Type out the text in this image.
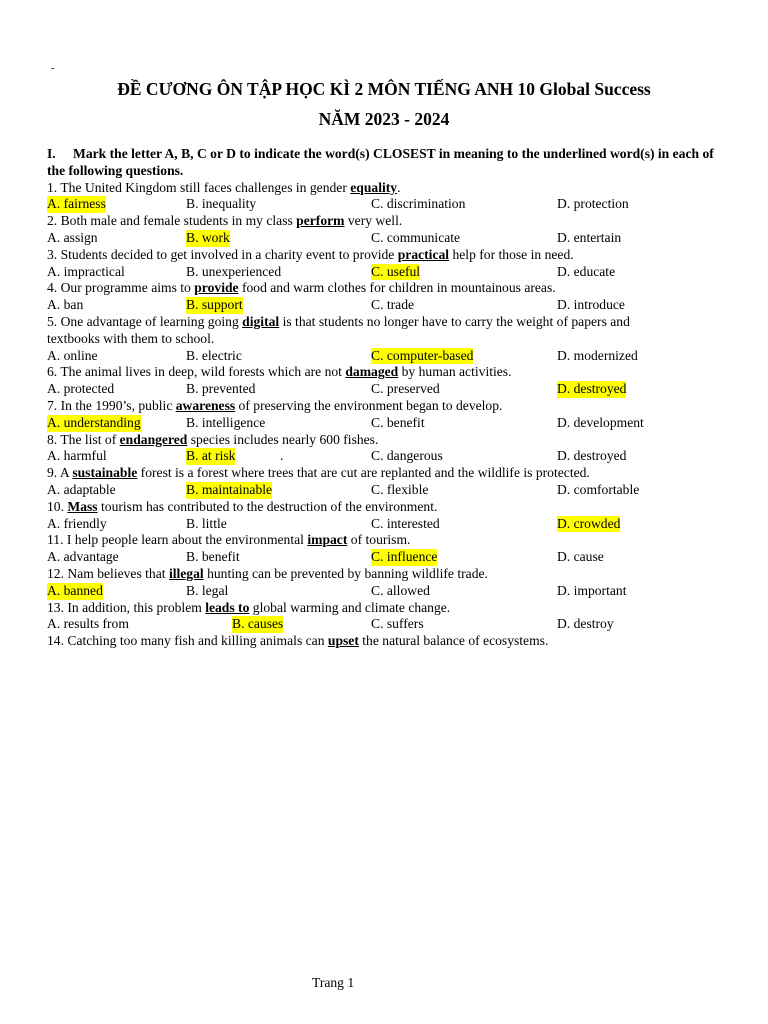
-
ĐỀ CƯƠNG ÔN TẬP HỌC KÌ 2 MÔN TIẾNG ANH 10 Global Success
NĂM 2023 - 2024
I. Mark the letter A, B, C or D to indicate the word(s) CLOSEST in meaning to the underlined word(s) in each of the following questions.
1. The United Kingdom still faces challenges in gender equality.
A. fairness	B. inequality	C. discrimination	D. protection
2. Both male and female students in my class perform very well.
A. assign	B. work	C. communicate	D. entertain
3. Students decided to get involved in a charity event to provide practical help for those in need.
A. impractical	B. unexperienced	C. useful	D. educate
4. Our programme aims to provide food and warm clothes for children in mountainous areas.
A. ban	B. support	C. trade	D. introduce
5. One advantage of learning going digital is that students no longer have to carry the weight of papers and
textbooks with them to school.
A. online	B. electric	C. computer-based	D. modernized
6. The animal lives in deep, wild forests which are not damaged by human activities.
A. protected	B. prevented	C. preserved	D. destroyed
7. In the 1990’s, public awareness of preserving the environment began to develop.
A. understanding	B. intelligence	C. benefit	D. development
8. The list of endangered species includes nearly 600 fishes.
A. harmful	B. at risk	C. dangerous	D. destroyed
.
9. A sustainable forest is a forest where trees that are cut are replanted and the wildlife is protected.
A. adaptable	B. maintainable	C. flexible	D. comfortable
10. Mass tourism has contributed to the destruction of the environment.
A. friendly	B. little	C. interested	D. crowded
11. I help people learn about the environmental impact of tourism.
A. advantage	B. benefit	C. influence	D. cause
12. Nam believes that illegal hunting can be prevented by banning wildlife trade.
A. banned	B. legal	C. allowed	D. important
13. In addition, this problem leads to global warming and climate change.
A. results from	B. causes	C. suffers	D. destroy
14. Catching too many fish and killing animals can upset the natural balance of ecosystems.
Trang 1
